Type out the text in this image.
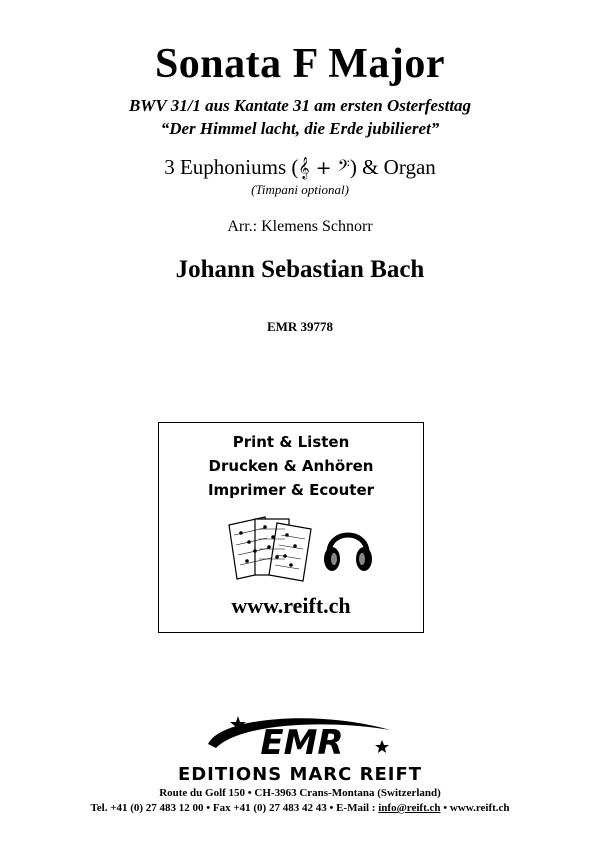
Sonata F Major
BWV 31/1 aus Kantate 31 am ersten Osterfesttag
“Der Himmel lacht, die Erde jubilieret”
3 Euphoniums (𝄞 + 𝄢) & Organ
(Timpani optional)
Arr.: Klemens Schnorr
Johann Sebastian Bach
EMR 39778
Print & Listen
Drucken & Anhören
Imprimer & Ecouter
www.reift.ch
EMR
EDITIONS MARC REIFT
Route du Golf 150 • CH-3963 Crans-Montana (Switzerland)
Tel. +41 (0) 27 483 12 00 • Fax +41 (0) 27 483 42 43 • E-Mail : info@reift.ch • www.reift.ch
